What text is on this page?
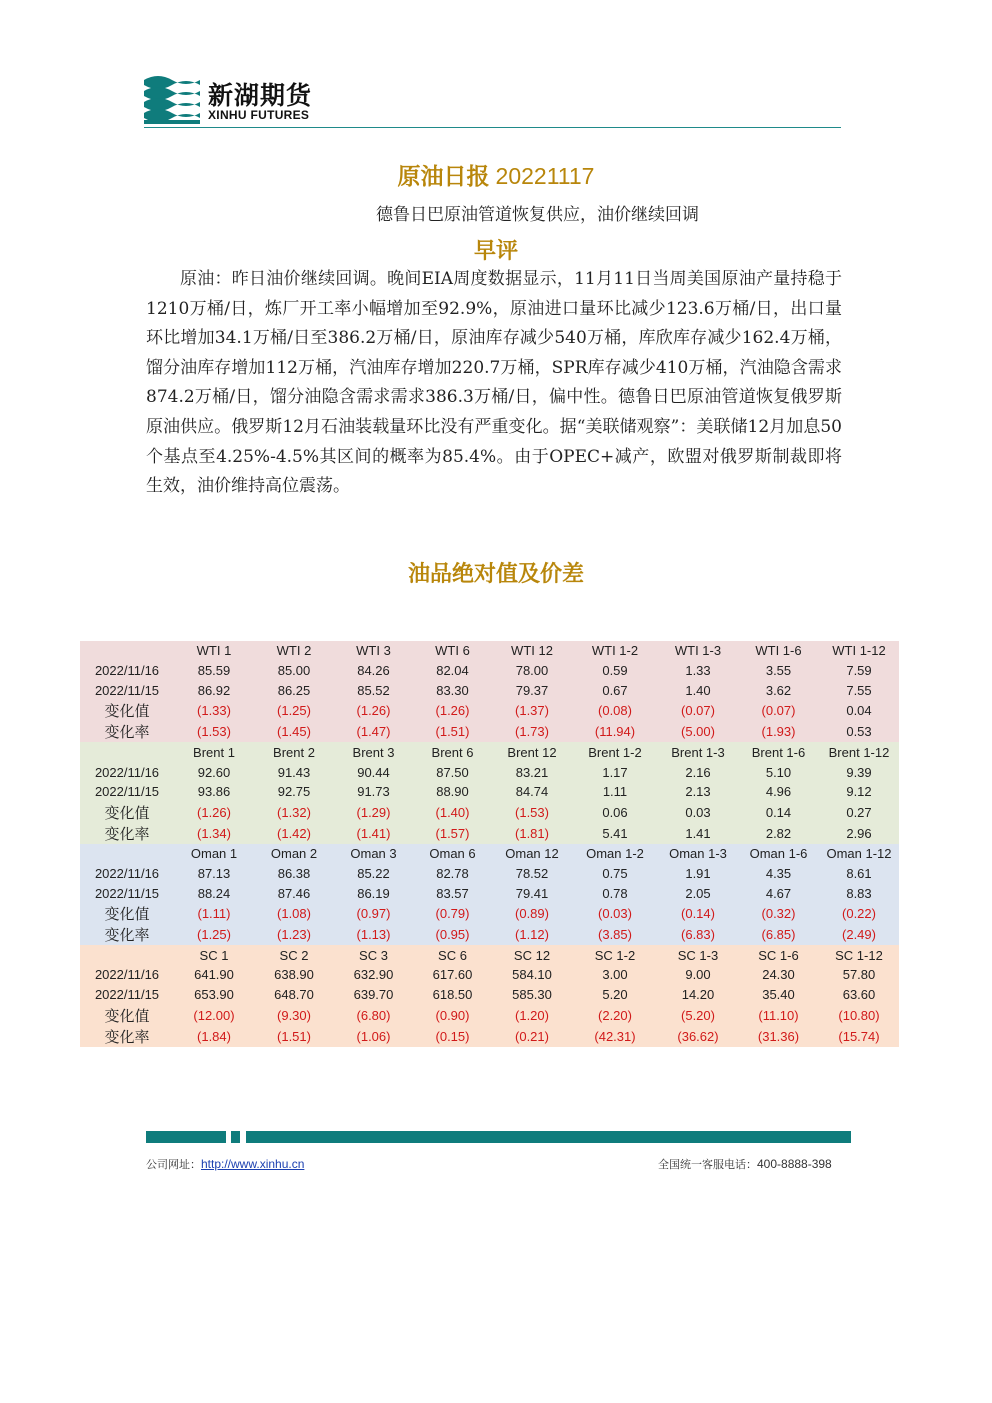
新湖期货
XINHU FUTURES
原油日报 20221117
德鲁日巴原油管道恢复供应，油价继续回调
早评

原油：昨日油价继续回调。晚间EIA周度数据显示，11月11日当周美国原油产量持稳于1210万桶/日，炼厂开工率小幅增加至92.9%，原油进口量环比减少123.6万桶/日，出口量环比增加34.1万桶/日至386.2万桶/日，原油库存减少540万桶，库欣库存减少162.4万桶，馏分油库存增加112万桶，汽油库存增加220.7万桶，SPR库存减少410万桶，汽油隐含需求874.2万桶/日，馏分油隐含需求需求386.3万桶/日，偏中性。德鲁日巴原油管道恢复俄罗斯原油供应。俄罗斯12月石油装载量环比没有严重变化。据“美联储观察”：美联储12月加息50个基点至4.25%-4.5%其区间的概率为85.4%。由于OPEC+减产，欧盟对俄罗斯制裁即将生效，油价维持高位震荡。

油品绝对值及价差
	WTI 1	WTI 2	WTI 3	WTI 6	WTI 12	WTI 1-2	WTI 1-3	WTI 1-6	WTI 1-12
2022/11/16	85.59	85.00	84.26	82.04	78.00	0.59	1.33	3.55	7.59
2022/11/15	86.92	86.25	85.52	83.30	79.37	0.67	1.40	3.62	7.55
变化值	(1.33)	(1.25)	(1.26)	(1.26)	(1.37)	(0.08)	(0.07)	(0.07)	0.04
变化率	(1.53)	(1.45)	(1.47)	(1.51)	(1.73)	(11.94)	(5.00)	(1.93)	0.53
	Brent 1	Brent 2	Brent 3	Brent 6	Brent 12	Brent 1-2	Brent 1-3	Brent 1-6	Brent 1-12
2022/11/16	92.60	91.43	90.44	87.50	83.21	1.17	2.16	5.10	9.39
2022/11/15	93.86	92.75	91.73	88.90	84.74	1.11	2.13	4.96	9.12
变化值	(1.26)	(1.32)	(1.29)	(1.40)	(1.53)	0.06	0.03	0.14	0.27
变化率	(1.34)	(1.42)	(1.41)	(1.57)	(1.81)	5.41	1.41	2.82	2.96
	Oman 1	Oman 2	Oman 3	Oman 6	Oman 12	Oman 1-2	Oman 1-3	Oman 1-6	Oman 1-12
2022/11/16	87.13	86.38	85.22	82.78	78.52	0.75	1.91	4.35	8.61
2022/11/15	88.24	87.46	86.19	83.57	79.41	0.78	2.05	4.67	8.83
变化值	(1.11)	(1.08)	(0.97)	(0.79)	(0.89)	(0.03)	(0.14)	(0.32)	(0.22)
变化率	(1.25)	(1.23)	(1.13)	(0.95)	(1.12)	(3.85)	(6.83)	(6.85)	(2.49)
	SC 1	SC 2	SC 3	SC 6	SC 12	SC 1-2	SC 1-3	SC 1-6	SC 1-12
2022/11/16	641.90	638.90	632.90	617.60	584.10	3.00	9.00	24.30	57.80
2022/11/15	653.90	648.70	639.70	618.50	585.30	5.20	14.20	35.40	63.60
变化值	(12.00)	(9.30)	(6.80)	(0.90)	(1.20)	(2.20)	(5.20)	(11.10)	(10.80)
变化率	(1.84)	(1.51)	(1.06)	(0.15)	(0.21)	(42.31)	(36.62)	(31.36)	(15.74)
公司网址：http://www.xinhu.cn	全国统一客服电话：400-8888-398
